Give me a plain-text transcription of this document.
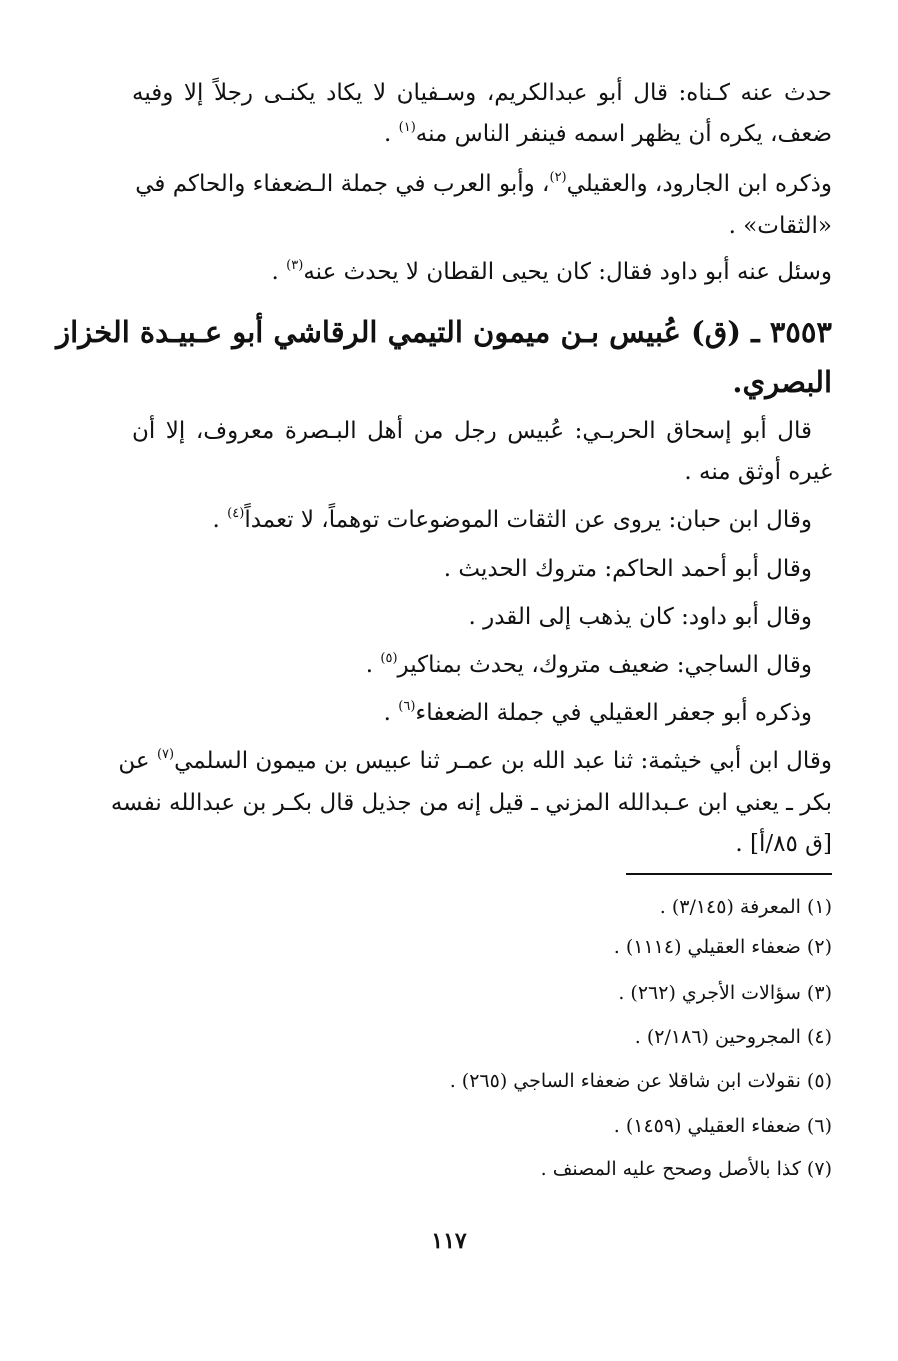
حدث عنه كـناه: قال أبو عبدالكريم، وسـفيان لا يكاد يكنـى رجلاً إلا وفيه
ضعف، يكره أن يظهر اسمه فينفر الناس منه$^{(١)}$ .
وذكره ابن الجارود، والعقيلي$^{(٢)}$، وأبو العرب في جملة الـضعفاء والحاكم في
«الثقات» .
وسئل عنه أبو داود فقال: كان يحيى القطان لا يحدث عنه$^{(٣)}$ .
٣٥٥٣ ـ (ق) عُبيس بـن ميمون التيمي الرقاشي أبو عـبيـدة الخزاز
البصري.
قال أبو إسحاق الحربـي: عُبيس رجل من أهل البـصرة معروف، إلا أن
غيره أوثق منه .
وقال ابن حبان: يروى عن الثقات الموضوعات توهماً، لا تعمداً$^{(٤)}$ .
وقال أبو أحمد الحاكم: متروك الحديث .
وقال أبو داود: كان يذهب إلى القدر .
وقال الساجي: ضعيف متروك، يحدث بمناكير$^{(٥)}$ .
وذكره أبو جعفر العقيلي في جملة الضعفاء$^{(٦)}$ .
وقال ابن أبي خيثمة: ثنا عبد الله بن عمـر ثنا عبيس بن ميمون السلمي$^{(٧)}$ عن
بكر ـ يعني ابن عـبدالله المزني ـ قيل إنه من جذيل قال بكـر بن عبدالله نفسه
[ق ٨٥/أ] .
(١) المعرفة (٣/١٤٥) .
(٢) ضعفاء العقيلي (١١١٤) .
(٣) سؤالات الأجري (٢٦٢) .
(٤) المجروحين (٢/١٨٦) .
(٥) نقولات ابن شاقلا عن ضعفاء الساجي (٢٦٥) .
(٦) ضعفاء العقيلي (١٤٥٩) .
(٧) كذا بالأصل وصحح عليه المصنف .
١١٧
